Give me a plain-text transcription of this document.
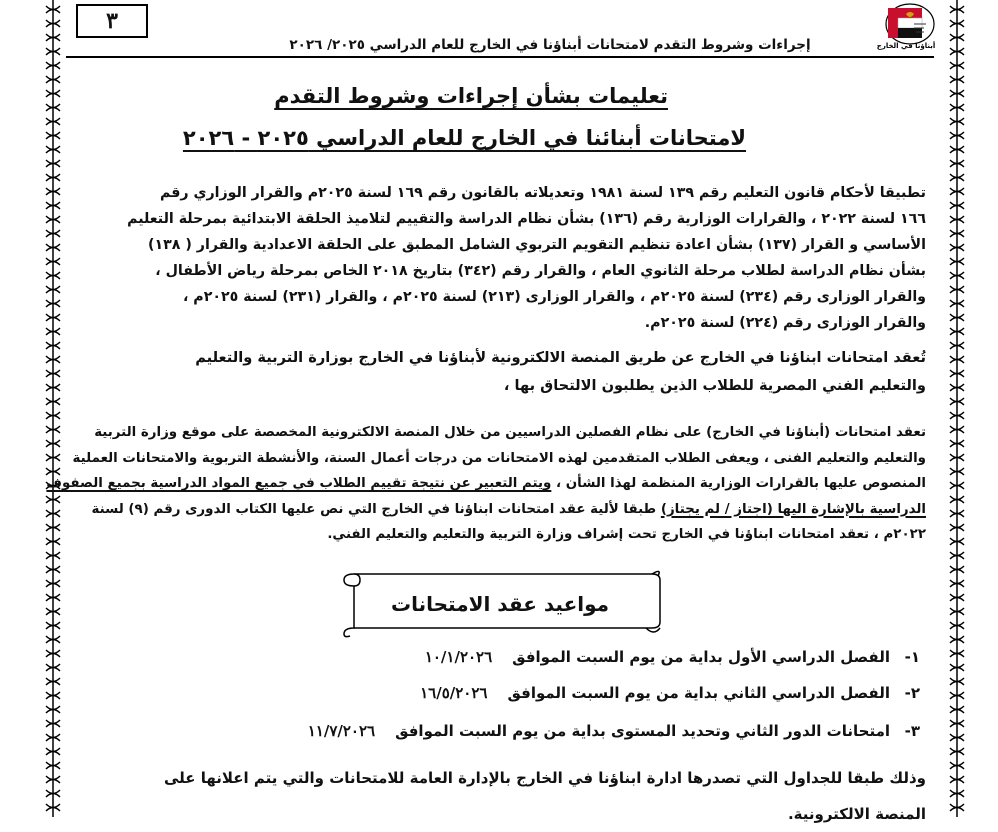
٣
أبناؤنا في الخارج
إجراءات وشروط التقدم لامتحانات أبناؤنا في الخارج للعام الدراسي ٢٠٢٥/ ٢٠٢٦
تعليمات بشأن إجراءات وشروط التقدم
لامتحانات أبنائنا في الخارج للعام الدراسي ٢٠٢٥ - ٢٠٢٦
تطبيقا لأحكام قانون التعليم رقم ١٣٩ لسنة ١٩٨١ وتعديلاته بالقانون رقم ١٦٩ لسنة ٢٠٢٥م والقرار الوزاري رقم
١٦٦ لسنة ٢٠٢٢ ، والقرارات الوزارية رقم (١٣٦) بشأن نظام الدراسة والتقييم لتلاميذ الحلقة الابتدائية بمرحلة التعليم
الأساسي و القرار (١٣٧) بشأن اعادة تنظيم التقويم التربوي الشامل المطبق على الحلقة الاعدادية والقرار ( ١٣٨)
بشأن نظام الدراسة لطلاب مرحلة الثانوي العام ، والقرار رقم (٣٤٢) بتاريخ ٢٠١٨ الخاص بمرحلة رياض الأطفال ،
والقرار الوزارى رقم (٢٣٤) لسنة ٢٠٢٥م ، والقرار الوزارى (٢١٣) لسنة ٢٠٢٥م ، والقرار (٢٣١) لسنة ٢٠٢٥م ،
والقرار الوزارى رقم (٢٢٤) لسنة ٢٠٢٥م.
تُعقد امتحانات ابناؤنا في الخارج عن طريق المنصة الالكترونية لأبناؤنا في الخارج بوزارة التربية والتعليم
والتعليم الفني المصرية للطلاب الذين يطلبون الالتحاق بها ،
تعقد امتحانات (أبناؤنا في الخارج) على نظام الفصلين الدراسيين من خلال المنصة الالكترونية المخصصة على موقع وزارة التربية
والتعليم والتعليم الفنى ، ويعفى الطلاب المتقدمين لهذه الامتحانات من درجات أعمال السنة، والأنشطة التربوية والامتحانات العملية
المنصوص عليها بالقرارات الوزارية المنظمة لهذا الشأن ، ويتم التعبير عن نتيجة تقييم الطلاب في جميع المواد الدراسية بجميع الصفوف
الدراسية بالإشارة اليها (اجتاز / لم يجتاز) طبقا لألية عقد امتحانات ابناؤنا في الخارج التي نص عليها الكتاب الدورى رقم (٩) لسنة
٢٠٢٢م ، تعقد امتحانات ابناؤنا في الخارج تحت إشراف وزارة التربية والتعليم والتعليم الفني.
مواعيد عقد الامتحانات
١-الفصل الدراسي الأول بداية من يوم السبت الموافق١٠/١/٢٠٢٦
٢-الفصل الدراسي الثاني بداية من يوم السبت الموافق١٦/٥/٢٠٢٦
٣-امتحانات الدور الثاني وتحديد المستوى بداية من يوم السبت الموافق١١/٧/٢٠٢٦
وذلك طبقا للجداول التي تصدرها ادارة ابناؤنا في الخارج بالإدارة العامة للامتحانات والتي يتم اعلانها على
المنصة الالكترونية.
